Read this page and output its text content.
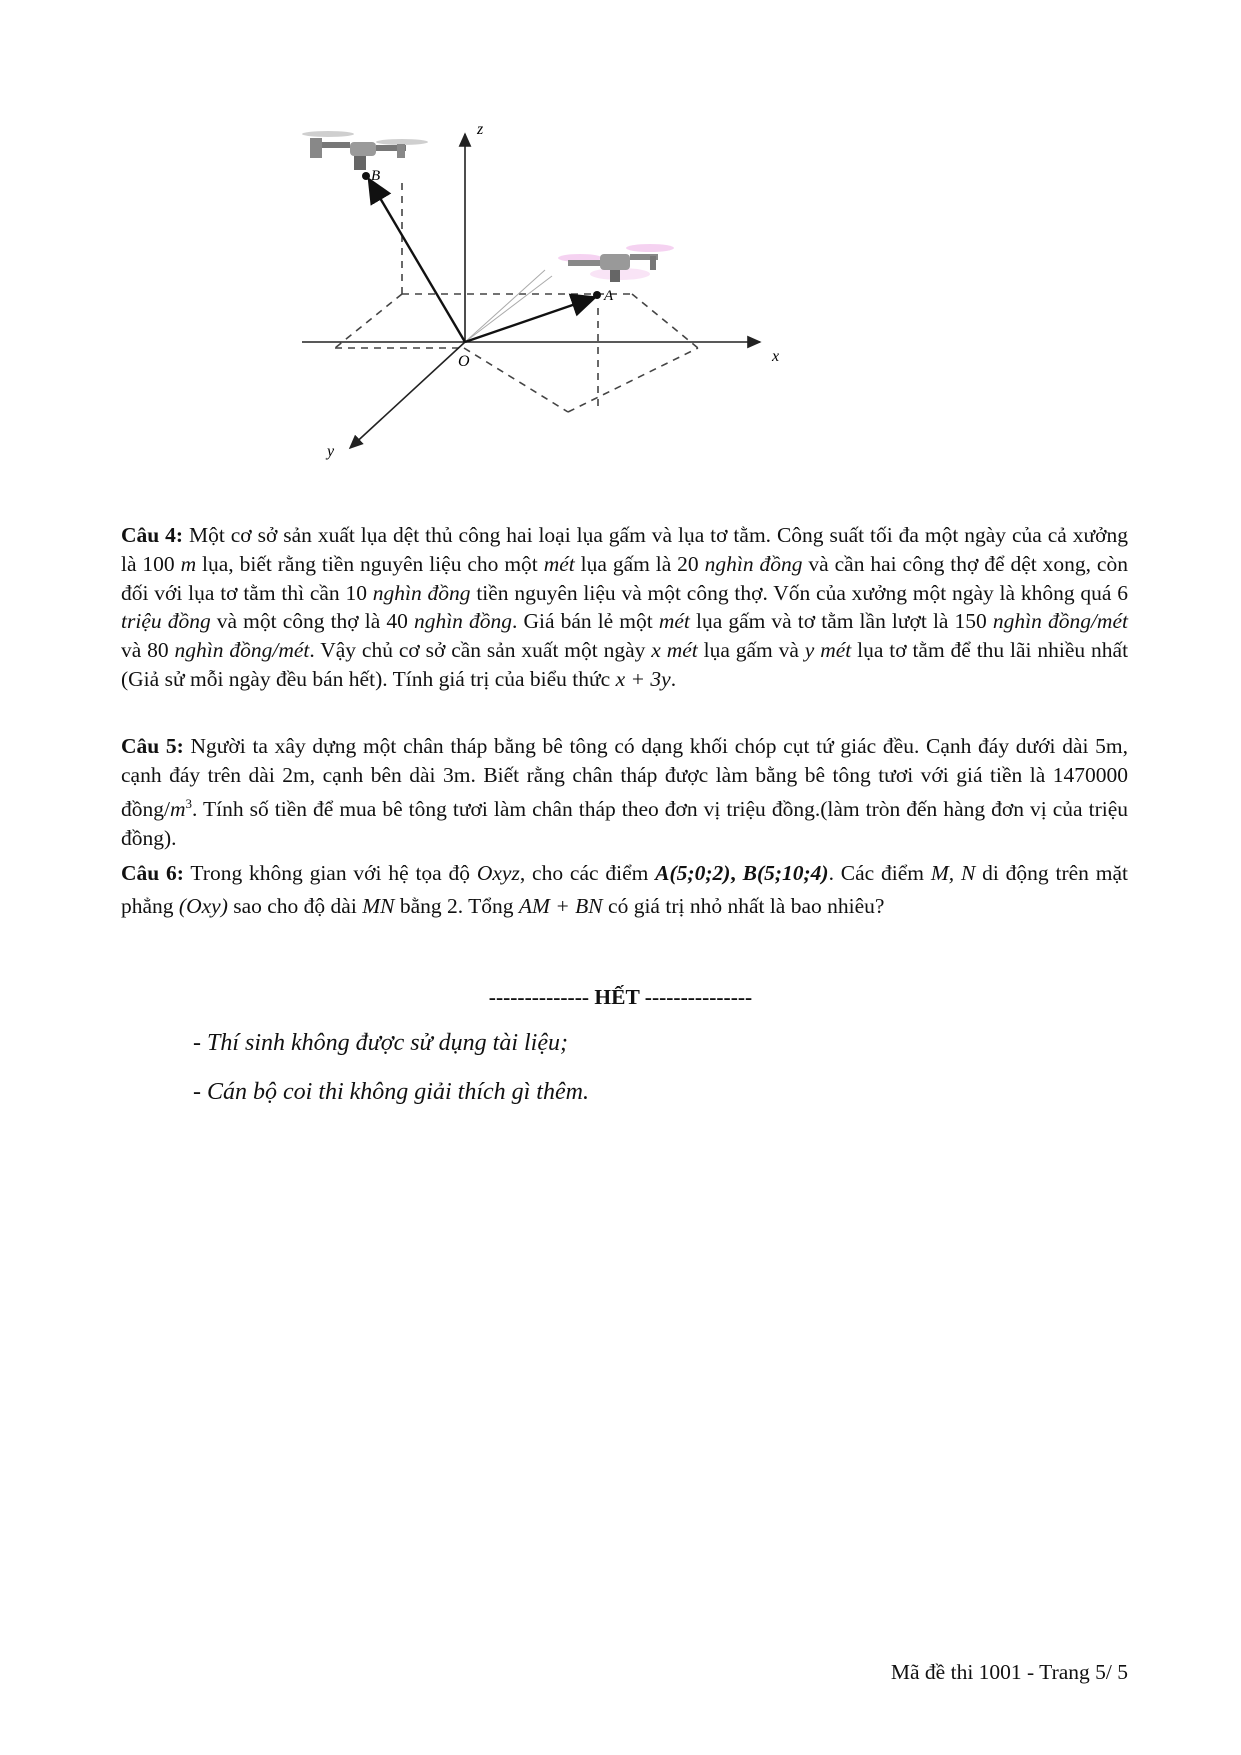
B
A
z
x
y
O
Câu 4: Một cơ sở sản xuất lụa dệt thủ công hai loại lụa gấm và lụa tơ tằm. Công suất tối đa một ngày của cả xưởng là 100 m lụa, biết rằng tiền nguyên liệu cho một mét lụa gấm là 20 nghìn đồng và cần hai công thợ để dệt xong, còn đối với lụa tơ tằm thì cần 10 nghìn đồng tiền nguyên liệu và một công thợ. Vốn của xưởng một ngày là không quá 6 triệu đồng và một công thợ là 40 nghìn đồng. Giá bán lẻ một mét lụa gấm và tơ tằm lần lượt là 150 nghìn đồng/mét và 80 nghìn đồng/mét. Vậy chủ cơ sở cần sản xuất một ngày x mét lụa gấm và y mét lụa tơ tằm để thu lãi nhiều nhất (Giả sử mỗi ngày đều bán hết). Tính giá trị của biểu thức x + 3y.
Câu 5: Người ta xây dựng một chân tháp bằng bê tông có dạng khối chóp cụt tứ giác đều. Cạnh đáy dưới dài 5m, cạnh đáy trên dài 2m, cạnh bên dài 3m. Biết rằng chân tháp được làm bằng bê tông tươi với giá tiền là 1470000 đồng/$m^3$. Tính số tiền để mua bê tông tươi làm chân tháp theo đơn vị triệu đồng.(làm tròn đến hàng đơn vị của triệu đồng).
Câu 6: Trong không gian với hệ tọa độ Oxyz, cho các điểm A(5;0;2), B(5;10;4). Các điểm M, N di động trên mặt phẳng (Oxy) sao cho độ dài MN bằng 2. Tổng AM + BN có giá trị nhỏ nhất là bao nhiêu?
-------------- HẾT ---------------
- Thí sinh không được sử dụng tài liệu;
- Cán bộ coi thi không giải thích gì thêm.
Mã đề thi 1001 - Trang 5/ 5
